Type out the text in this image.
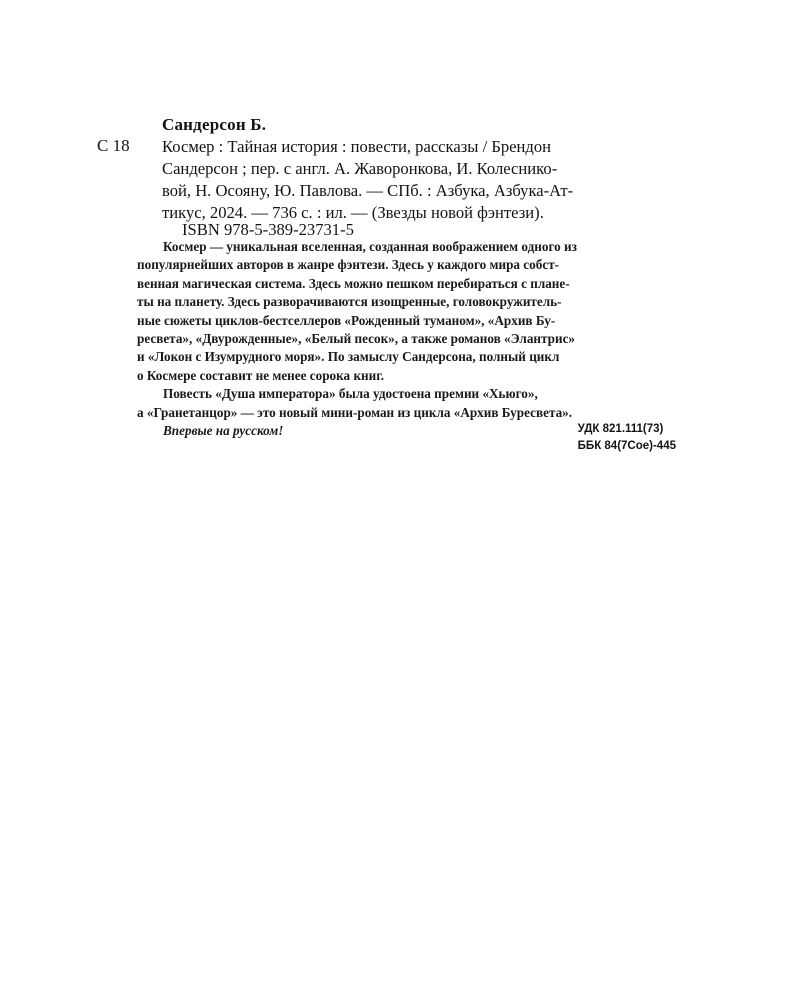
Сандерсон Б.
С 18 Космер : Тайная история : повести, рассказы / Брендон
Сандерсон ; пер. с англ. А. Жаворонкова, И. Колеснико-
вой, Н. Осояну, Ю. Павлова. — СПб. : Азбука, Азбука-Ат-
тикус, 2024. — 736 с. : ил. — (Звезды новой фэнтези).
ISBN 978-5-389-23731-5
Космер — уникальная вселенная, созданная воображением одного из
популярнейших авторов в жанре фэнтези. Здесь у каждого мира собст-
венная магическая система. Здесь можно пешком перебираться с плане-
ты на планету. Здесь разворачиваются изощренные, головокружитель-
ные сюжеты циклов-бестселлеров «Рожденный туманом», «Архив Бу-
ресвета», «Двурожденные», «Белый песок», а также романов «Элантрис»
и «Локон с Изумрудного моря». По замыслу Сандерсона, полный цикл
о Космере составит не менее сорока книг.
Повесть «Душа императора» была удостоена премии «Хьюго»,
а «Гранетанцор» — это новый мини-роман из цикла «Архив Буресвета».
Впервые на русском!	УДК 821.111(73)
ББК 84(7Сое)-445
